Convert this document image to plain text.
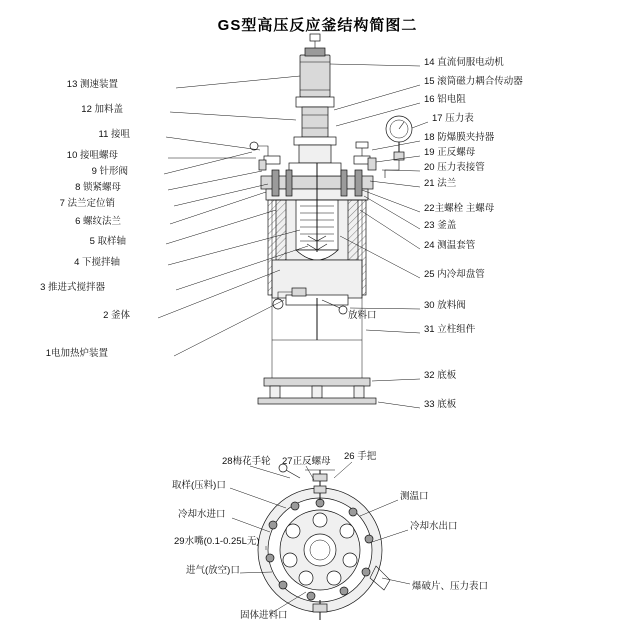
GS型高压反应釜结构简图二
13 测速装置
12 加料盖
11 接咀
10 接咀螺母
9 针形阀
8 锁紧螺母
7 法兰定位销
6 螺纹法兰
5 取样轴
4 下搅拌轴
3 推进式搅拌器
2 釜体
1电加热炉装置
14 直流伺服电动机
15 滚筒磁力耦合传动器
16 铝电阻
17 压力表
18 防爆膜夹持器
19 正反螺母
20 压力表接管
21 法兰
22主螺栓 主螺母
23 釜盖
24 测温套管
25 内冷却盘管
30 放料阀
31 立柱组件
32 底板
33 底板
放料口
28梅花手轮 27正反螺母 26 手把
取样(压料)口
冷却水进口
29水嘴(0.1-0.25L无)
进气(放空)口
固体进料口
测温口
冷却水出口
爆破片、压力表口
